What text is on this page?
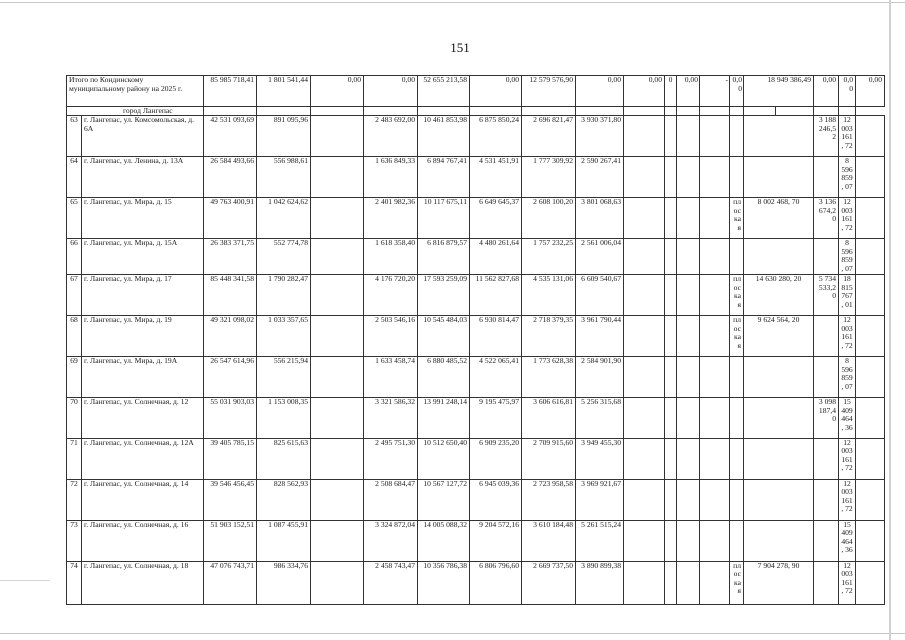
151
Итого по Кондинскому муниципальному району на 2025 г.		85 985 718,41	1 801 541,44	0,00	0,00	52 655 213,58	0,00	12 579 576,90	0,00	0,00	0	0,00	-	0,00	18 949 386,49		0,00	0,00	0,00	
город Лангепас																				
63	г. Лангепас, ул. Комсомольская, д. 6А	42 531 093,69	891 095,96		2 483 692,00	10 461 853,98	6 875 850,24	2 696 821,47	3 930 371,80								3 188 246,52	12 003 161, 72		
64	г. Лангепас, ул. Ленина, д. 13А	26 584 493,66	556 988,61		1 636 849,33	6 894 767,41	4 531 451,91	1 777 309,92	2 590 267,41									8 596 859, 07		
65	г. Лангепас, ул. Мира, д. 15	49 763 400,91	1 042 624,62		2 401 982,36	10 117 675,11	6 649 645,37	2 608 100,20	3 801 068,63					плос кая	8 002 468, 70		3 136 674,20	12 003 161, 72		
66	г. Лангепас, ул. Мира, д. 15А	26 383 371,75	552 774,78		1 618 358,40	6 816 879,57	4 480 261,64	1 757 232,25	2 561 006,04									8 596 859, 07		
67	г. Лангепас, ул. Мира, д. 17	85 448 341,58	1 790 282,47		4 176 720,20	17 593 259,09	11 562 827,68	4 535 131,06	6 609 540,67					плос кая	14 630 280, 20		5 734 533,20	18 815 767, 01		
68	г. Лангепас, ул. Мира, д. 19	49 321 098,02	1 033 357,65		2 503 546,16	10 545 484,03	6 930 814,47	2 718 379,35	3 961 790,44					плос кая	9 624 564, 20			12 003 161, 72		
69	г. Лангепас, ул. Мира, д. 19А	26 547 614,96	556 215,94		1 633 458,74	6 880 485,52	4 522 065,41	1 773 628,38	2 584 901,90									8 596 859, 07		
70	г. Лангепас, ул. Солнечная, д. 12	55 031 903,03	1 153 008,35		3 321 586,32	13 991 248,14	9 195 475,97	3 606 616,81	5 256 315,68								3 098 187,40	15 409 464, 36		
71	г. Лангепас, ул. Солнечная, д. 12А	39 405 785,15	825 615,63		2 495 751,30	10 512 650,40	6 909 235,20	2 709 915,60	3 949 455,30									12 003 161, 72		
72	г. Лангепас, ул. Солнечная, д. 14	39 546 456,45	828 562,93		2 508 684,47	10 567 127,72	6 945 039,36	2 723 958,58	3 969 921,67									12 003 161, 72		
73	г. Лангепас, ул. Солнечная, д. 16	51 903 152,51	1 087 455,91		3 324 872,04	14 005 088,32	9 204 572,16	3 610 184,48	5 261 515,24									15 409 464, 36		
74	г. Лангепас, ул. Солнечная, д. 18	47 076 743,71	986 334,76		2 458 743,47	10 356 786,38	6 806 796,60	2 669 737,50	3 890 899,38					плос кая	7 904 278, 90			12 003 161, 72		
